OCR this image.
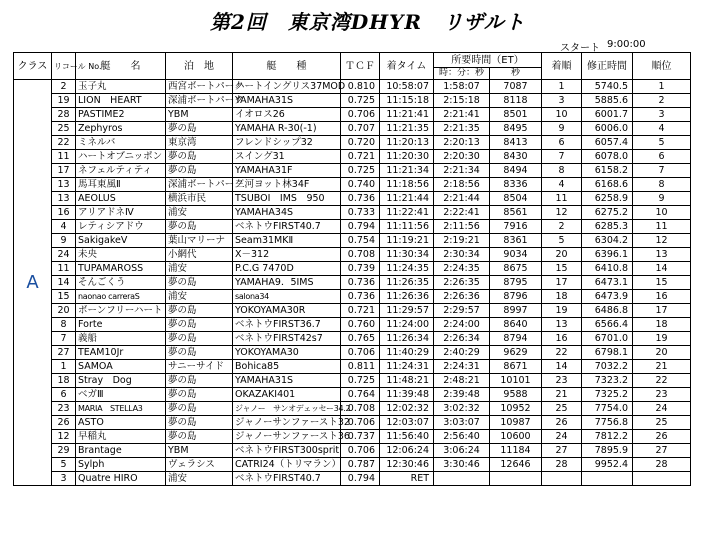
第2回　東京湾DHYR　リザルト
スタート 9:00:00
クラス	リコール No.	艇　　名	泊　地	艇　　種	ＴＣＦ	着タイム	所要時間（ET）		着順	修正時間	順位
							時：分：秒	秒			
A	2	玉子丸	西宮ボートパーク	ハートイングリス37MOD	0.810	10:58:07	1:58:07	7087	1	5740.5	1
	19	LION　HEART	深浦ボートパーク	YAMAHA31S	0.725	11:15:18	2:15:18	8118	3	5885.6	2
	28	PASTIME2	YBM	イオロス26	0.706	11:21:41	2:21:41	8501	10	6001.7	3
	25	Zephyros	夢の島	YAMAHA R-30(-1)	0.707	11:21:35	2:21:35	8495	9	6006.0	4
	22	ミネルバ	東京湾	フレンドシップ32	0.720	11:20:13	2:20:13	8413	6	6057.4	5
	11	ハートオブニッポン	夢の島	スイング31	0.721	11:20:30	2:20:30	8430	7	6078.0	6
	17	ネフェルティティ	夢の島	YAMAHA31F	0.725	11:21:34	2:21:34	8494	8	6158.2	7
	13	馬耳東風Ⅱ	深浦ボートパーク	三河ヨット林34F	0.740	11:18:56	2:18:56	8336	4	6168.6	8
	13	AEOLUS	横浜市民	TSUBOI　IMS　950	0.736	11:21:44	2:21:44	8504	11	6258.9	9
	16	アリアドネⅣ	浦安	YAMAHA34S	0.733	11:22:41	2:22:41	8561	12	6275.2	10
	4	レティシアドウ	夢の島	ベネトウFIRST40.7	0.794	11:11:56	2:11:56	7916	2	6285.3	11
	9	SakigakeⅤ	葉山マリーナ	Seam31MKⅡ	0.754	11:19:21	2:19:21	8361	5	6304.2	12
	24	未央	小網代	X－312	0.708	11:30:34	2:30:34	9034	20	6396.1	13
	11	TUPAMAROSS	浦安	P.C.G 7470D	0.739	11:24:35	2:24:35	8675	15	6410.8	14
	14	そんごくう	夢の島	YAMAHA9．5IMS	0.736	11:26:35	2:26:35	8795	17	6473.1	15
	15	naonao carreraS	浦安	salona34	0.736	11:26:36	2:26:36	8796	18	6473.9	16
	20	ボーンフリーハート	夢の島	YOKOYAMA30R	0.721	11:29:57	2:29:57	8997	19	6486.8	17
	8	Forte	夢の島	ベネトウFIRST36.7	0.760	11:24:00	2:24:00	8640	13	6566.4	18
	7	義船	夢の島	ベネトウFIRST42s7	0.765	11:26:34	2:26:34	8794	16	6701.0	19
	27	TEAM10Jr	夢の島	YOKOYAMA30	0.706	11:40:29	2:40:29	9629	22	6798.1	20
	1	SAMOA	サニーサイド	Bohica85	0.811	11:24:31	2:24:31	8671	14	7032.2	21
	18	Stray　Dog	夢の島	YAMAHA31S	0.725	11:48:21	2:48:21	10101	23	7323.2	22
	6	ベガⅢ	夢の島	OKAZAKI401	0.764	11:39:48	2:39:48	9588	21	7325.2	23
	23	MARIA　STELLA3	夢の島	ジャノー　サンオデェッセー34.2	0.708	12:02:32	3:02:32	10952	25	7754.0	24
	26	ASTO	夢の島	ジャノーサンファースト32	0.706	12:03:07	3:03:07	10987	26	7756.8	25
	12	早稲丸	夢の島	ジャノーサンファースト36	0.737	11:56:40	2:56:40	10600	24	7812.2	26
	29	Brantage	YBM	ベネトウFIRST300sprit	0.706	12:06:24	3:06:24	11184	27	7895.9	27
	5	Sylph	ヴェラシス	CATRI24（トリマラン）	0.787	12:30:46	3:30:46	12646	28	9952.4	28
	3	Quatre HIRO	浦安	ベネトウFIRST40.7	0.794	RET					
